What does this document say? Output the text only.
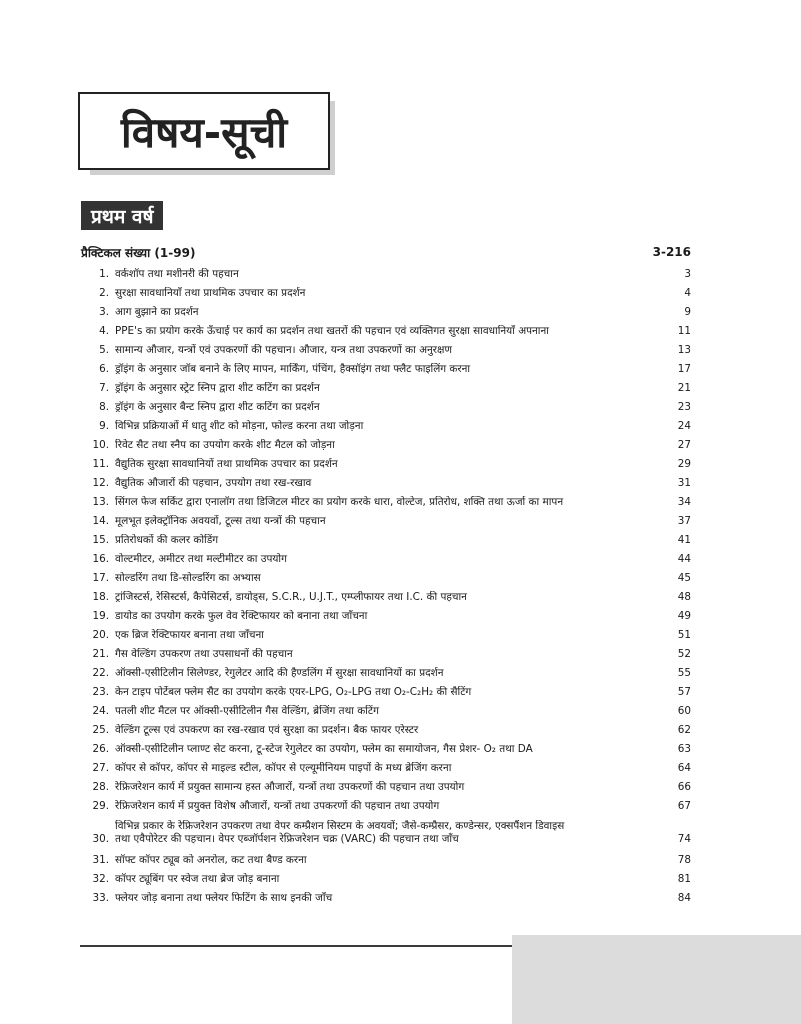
विषय-सूची
प्रथम वर्ष
प्रैक्टिकल संख्या (1-99)	3-216
1. वर्कशॉप तथा मशीनरी की पहचान	3
2. सुरक्षा सावधानियाँ तथा प्राथमिक उपचार का प्रदर्शन	4
3. आग बुझाने का प्रदर्शन	9
4. PPE's का प्रयोग करके ऊँचाई पर कार्य का प्रदर्शन तथा खतरों की पहचान एवं व्यक्तिगत सुरक्षा सावधानियाँ अपनाना	11
5. सामान्य औजार, यन्त्रों एवं उपकरणों की पहचान। औजार, यन्त्र तथा उपकरणों का अनुरक्षण	13
6. ड्रॉइंग के अनुसार जॉब बनाने के लिए मापन, मार्किंग, पंचिंग, हैक्सॉइंग तथा फ्लैट फाइलिंग करना	17
7. ड्रॉइंग के अनुसार स्ट्रेट स्निप द्वारा शीट कटिंग का प्रदर्शन	21
8. ड्रॉइंग के अनुसार बैन्ट स्निप द्वारा शीट कटिंग का प्रदर्शन	23
9. विभिन्न प्रक्रियाओं में धातु शीट को मोड़ना, फोल्ड करना तथा जोड़ना	24
10. रिवेट सैट तथा स्नैप का उपयोग करके शीट मैटल को जोड़ना	27
11. वैद्युतिक सुरक्षा सावधानियों तथा प्राथमिक उपचार का प्रदर्शन	29
12. वैद्युतिक औजारों की पहचान, उपयोग तथा रख-रखाव	31
13. सिंगल फेज सर्किट द्वारा एनालॉग तथा डिजिटल मीटर का प्रयोग करके धारा, वोल्टेज, प्रतिरोध, शक्ति तथा ऊर्जा का मापन	34
14. मूलभूत इलेक्ट्रॉनिक अवयवों, टूल्स तथा यन्त्रों की पहचान	37
15. प्रतिरोधकों की कलर कोडिंग	41
16. वोल्टमीटर, अमीटर तथा मल्टीमीटर का उपयोग	44
17. सोल्डरिंग तथा डि-सोल्डरिंग का अभ्यास	45
18. ट्रांजिस्टर्स, रेसिस्टर्स, कैपेसिटर्स, डायोड्स, S.C.R., U.J.T., एम्प्लीफायर तथा I.C. की पहचान	48
19. डायोड का उपयोग करके फुल वेव रेक्टिफायर को बनाना तथा जाँचना	49
20. एक ब्रिज रेक्टिफायर बनाना तथा जाँचना	51
21. गैस वेल्डिंग उपकरण तथा उपसाधनों की पहचान	52
22. ऑक्सी-एसीटिलीन सिलेण्डर, रेगुलेटर आदि की हैण्डलिंग में सुरक्षा सावधानियों का प्रदर्शन	55
23. केन टाइप पोर्टेबल फ्लेम सैट का उपयोग करके एयर-LPG, O₂-LPG तथा O₂-C₂H₂ की सैटिंग	57
24. पतली शीट मैटल पर ऑक्सी-एसीटिलीन गैस वेल्डिंग, ब्रेजिंग तथा कटिंग	60
25. वेल्डिंग टूल्स एवं उपकरण का रख-रखाव एवं सुरक्षा का प्रदर्शन। बैक फायर एरेस्टर	62
26. ऑक्सी-एसीटिलीन प्लाण्ट सेट करना, टू-स्टेज रेगुलेटर का उपयोग, फ्लेम का समायोजन, गैस प्रेशर- O₂ तथा DA	63
27. कॉपर से कॉपर, कॉपर से माइल्ड स्टील, कॉपर से एल्यूमीनियम पाइपों के मध्य ब्रेजिंग करना	64
28. रेफ्रिजरेशन कार्य में प्रयुक्त सामान्य हस्त औजारों, यन्त्रों तथा उपकरणों की पहचान तथा उपयोग	66
29. रेफ्रिजरेशन कार्य में प्रयुक्त विशेष औजारों, यन्त्रों तथा उपकरणों की पहचान तथा उपयोग	67
30.
विभिन्न प्रकार के रेफ्रिजरेशन उपकरण तथा वेपर कम्प्रैशन सिस्टम के अवयवों; जैसे-कम्प्रैसर, कण्डेन्सर, एक्सपैंशन डिवाइस
तथा एवैपोरेटर की पहचान। वेपर एब्जॉर्पशन रेफ्रिजरेशन चक्र (VARC) की पहचान तथा जाँच	74
31. सॉफ्ट कॉपर ट्यूब को अनरोल, कट तथा बैण्ड करना	78
32. कॉपर ट्यूबिंग पर स्वेज तथा ब्रेज जोड़ बनाना	81
33. फ्लेयर जोड़ बनाना तथा फ्लेयर फिटिंग के साथ इनकी जाँच	84
